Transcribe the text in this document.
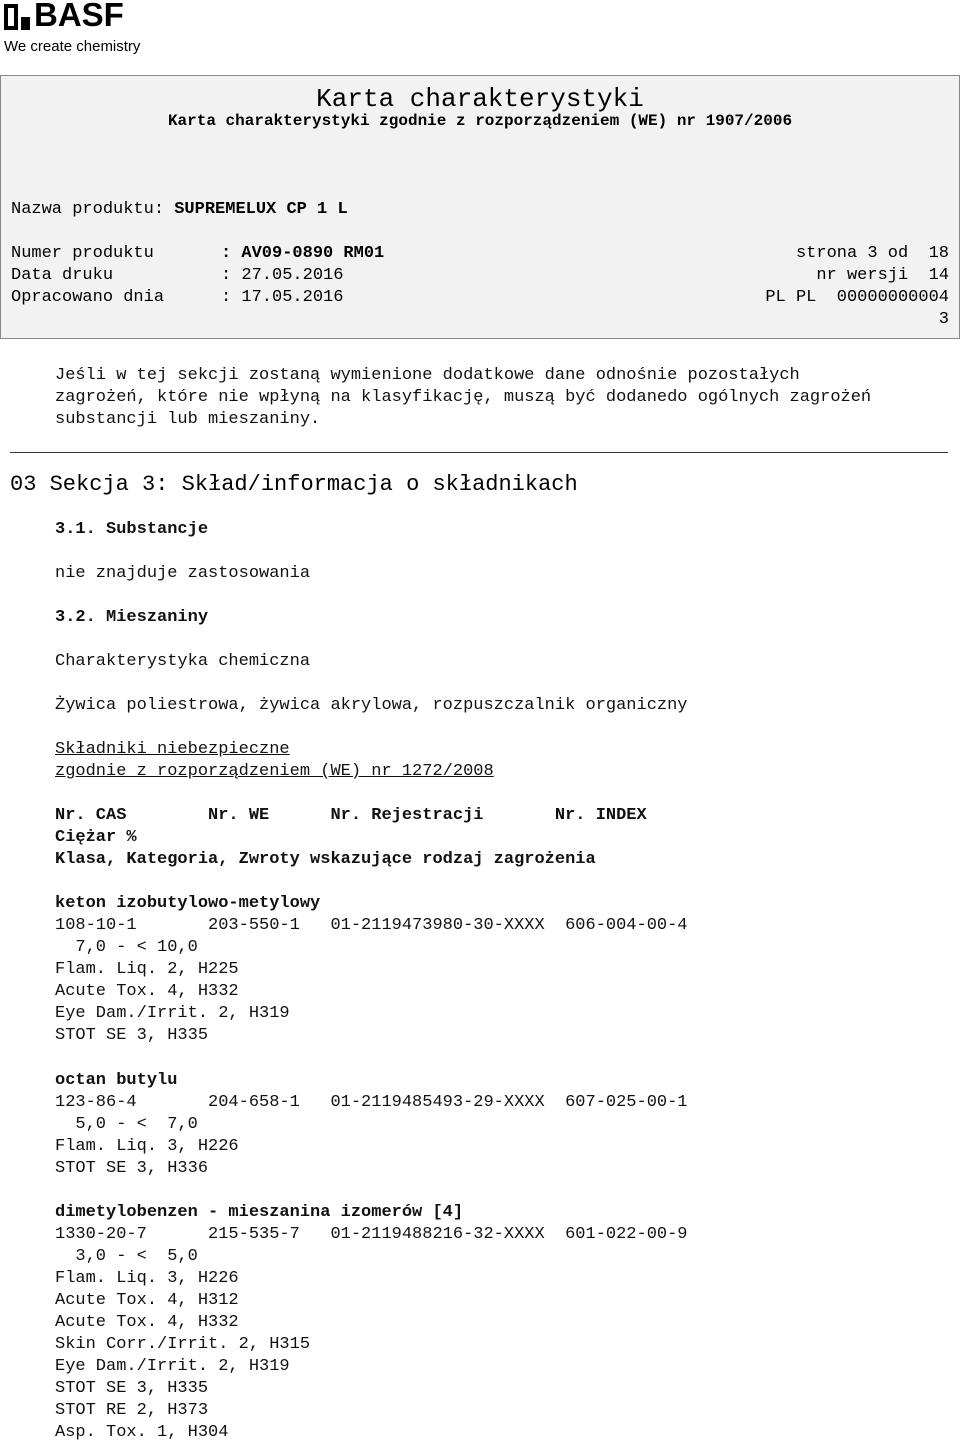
BASF
We create chemistry
Karta charakterystyki
Karta charakterystyki zgodnie z rozporządzeniem (WE) nr 1907/2006
Nazwa produktu: SUPREMELUX CP 1 L
Numer produktu	: AV09-0890 RM01	strona 3 od  18
Data druku	: 27.05.2016	nr wersji  14
Opracowano dnia	: 17.05.2016	PL PL  00000000004
3
Jeśli w tej sekcji zostaną wymienione dodatkowe dane odnośnie pozostałych
zagrożeń, które nie wpłyną na klasyfikację, muszą być dodanedo ogólnych zagrożeń
substancji lub mieszaniny.
03 Sekcja 3: Skład/informacja o składnikach
3.1. Substancje
nie znajduje zastosowania
3.2. Mieszaniny
Charakterystyka chemiczna
Żywica poliestrowa, żywica akrylowa, rozpuszczalnik organiczny
Składniki niebezpieczne
zgodnie z rozporządzeniem (WE) nr 1272/2008
Nr. CAS        Nr. WE      Nr. Rejestracji       Nr. INDEX
Ciężar %
Klasa, Kategoria, Zwroty wskazujące rodzaj zagrożenia
keton izobutylowo-metylowy
108-10-1       203-550-1   01-2119473980-30-XXXX  606-004-00-4
7,0 - < 10,0
Flam. Liq. 2, H225
Acute Tox. 4, H332
Eye Dam./Irrit. 2, H319
STOT SE 3, H335
octan butylu
123-86-4       204-658-1   01-2119485493-29-XXXX  607-025-00-1
5,0 - <  7,0
Flam. Liq. 3, H226
STOT SE 3, H336
dimetylobenzen - mieszanina izomerów [4]
1330-20-7      215-535-7   01-2119488216-32-XXXX  601-022-00-9
3,0 - <  5,0
Flam. Liq. 3, H226
Acute Tox. 4, H312
Acute Tox. 4, H332
Skin Corr./Irrit. 2, H315
Eye Dam./Irrit. 2, H319
STOT SE 3, H335
STOT RE 2, H373
Asp. Tox. 1, H304
